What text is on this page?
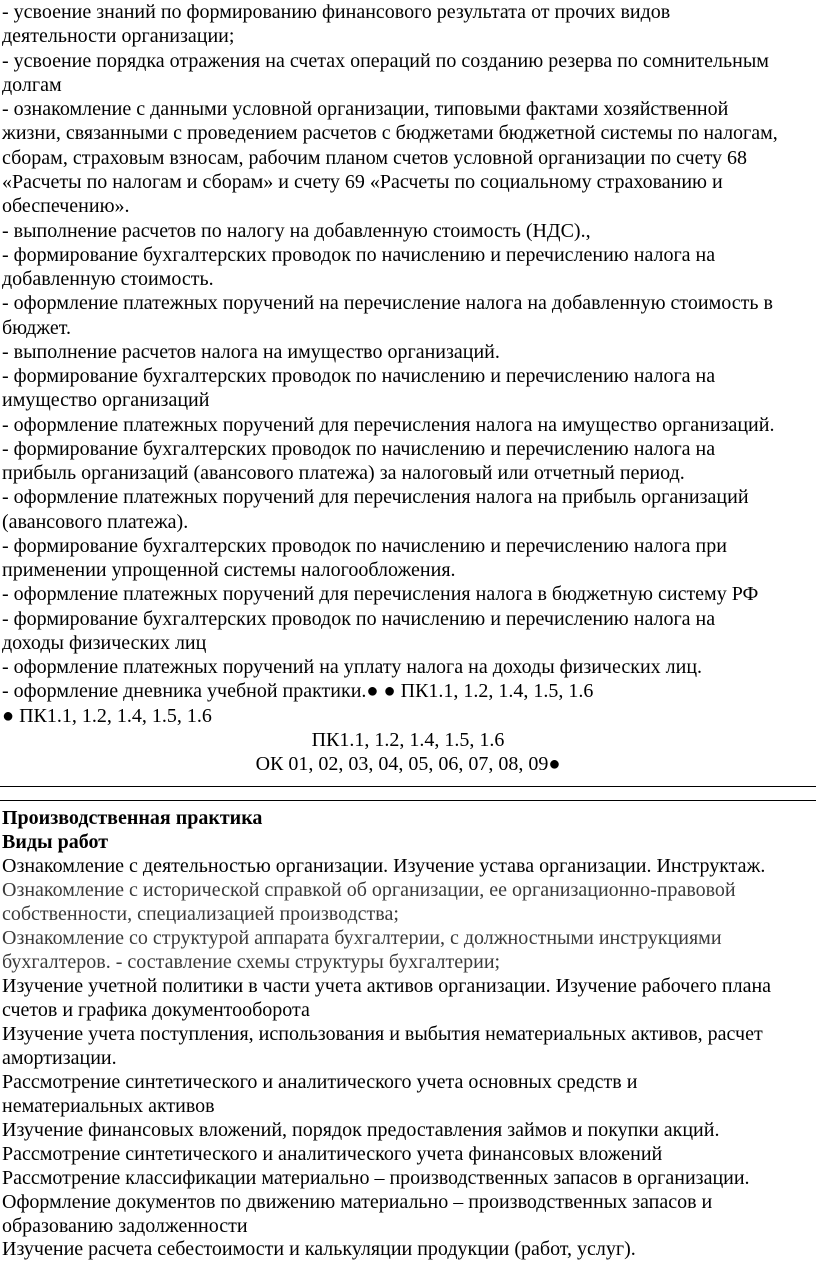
- усвоение знаний по формированию финансового результата от прочих видов
деятельности организации;
- усвоение порядка отражения на счетах операций по созданию резерва по сомнительным
долгам
- ознакомление с данными условной организации, типовыми фактами хозяйственной
жизни, связанными с проведением расчетов с бюджетами бюджетной системы по налогам,
сборам, страховым взносам, рабочим планом счетов условной организации по счету 68
«Расчеты по налогам и сборам» и счету 69 «Расчеты по социальному страхованию и
обеспечению».
- выполнение расчетов по налогу на добавленную стоимость (НДС).,
- формирование бухгалтерских проводок по начислению и перечислению налога на
добавленную стоимость.
- оформление платежных поручений на перечисление налога на добавленную стоимость в
бюджет.
- выполнение расчетов налога на имущество организаций.
- формирование бухгалтерских проводок по начислению и перечислению налога на
имущество организаций
- оформление платежных поручений для перечисления налога на имущество организаций.
- формирование бухгалтерских проводок по начислению и перечислению налога на
прибыль организаций (авансового платежа) за налоговый или отчетный период.
- оформление платежных поручений для перечисления налога на прибыль организаций
(авансового платежа).
- формирование бухгалтерских проводок по начислению и перечислению налога при
применении упрощенной системы налогообложения.
- оформление платежных поручений для перечисления налога в бюджетную систему РФ
- формирование бухгалтерских проводок по начислению и перечислению налога на
доходы физических лиц
- оформление платежных поручений на уплату налога на доходы физических лиц.
- оформление дневника учебной практики.● ● ПК1.1, 1.2, 1.4, 1.5, 1.6
● ПК1.1, 1.2, 1.4, 1.5, 1.6
ПК1.1, 1.2, 1.4, 1.5, 1.6
ОК 01, 02, 03, 04, 05, 06, 07, 08, 09●
Производственная практика
Виды работ
Ознакомление с деятельностью организации. Изучение устава организации. Инструктаж.
Ознакомление с исторической справкой об организации, ее организационно-правовой
собственности, специализацией производства;
Ознакомление со структурой аппарата бухгалтерии, с должностными инструкциями
бухгалтеров. - составление схемы структуры бухгалтерии;
Изучение учетной политики в части учета активов организации. Изучение рабочего плана
счетов и графика документооборота
Изучение учета поступления, использования и выбытия нематериальных активов, расчет
амортизации.
Рассмотрение синтетического и аналитического учета основных средств и
нематериальных активов
Изучение финансовых вложений, порядок предоставления займов и покупки акций.
Рассмотрение синтетического и аналитического учета финансовых вложений
Рассмотрение классификации материально – производственных запасов в организации.
Оформление документов по движению материально – производственных запасов и
образованию задолженности
Изучение расчета себестоимости и калькуляции продукции (работ, услуг).
